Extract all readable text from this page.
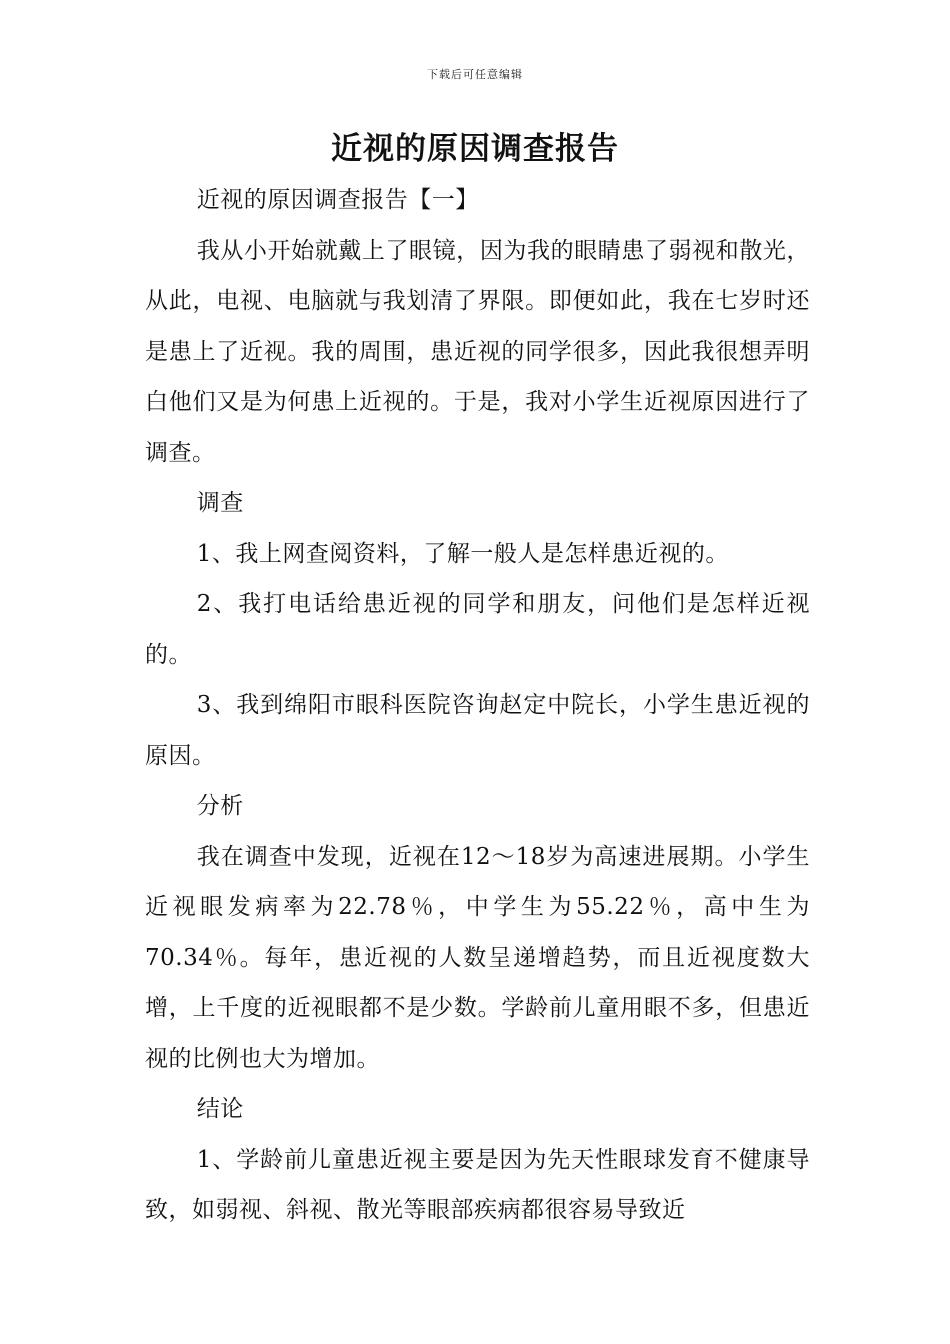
下载后可任意编辑
近视的原因调查报告

近视的原因调查报告【一】

我从小开始就戴上了眼镜，因为我的眼睛患了弱视和散光，从此，电视、电脑就与我划清了界限。即便如此，我在七岁时还是患上了近视。我的周围，患近视的同学很多，因此我很想弄明白他们又是为何患上近视的。于是，我对小学生近视原因进行了调查。

调查

1、我上网查阅资料，了解一般人是怎样患近视的。

2、我打电话给患近视的同学和朋友，问他们是怎样近视的。

3、我到绵阳市眼科医院咨询赵定中院长，小学生患近视的原因。

分析

我在调查中发现，近视在12～18岁为高速进展期。小学生近视眼发病率为22.78％，中学生为55.22％，高中生为70.34％。每年，患近视的人数呈递增趋势，而且近视度数大增，上千度的近视眼都不是少数。学龄前儿童用眼不多，但患近视的比例也大为增加。

结论

1、学龄前儿童患近视主要是因为先天性眼球发育不健康导致，如弱视、斜视、散光等眼部疾病都很容易导致近
